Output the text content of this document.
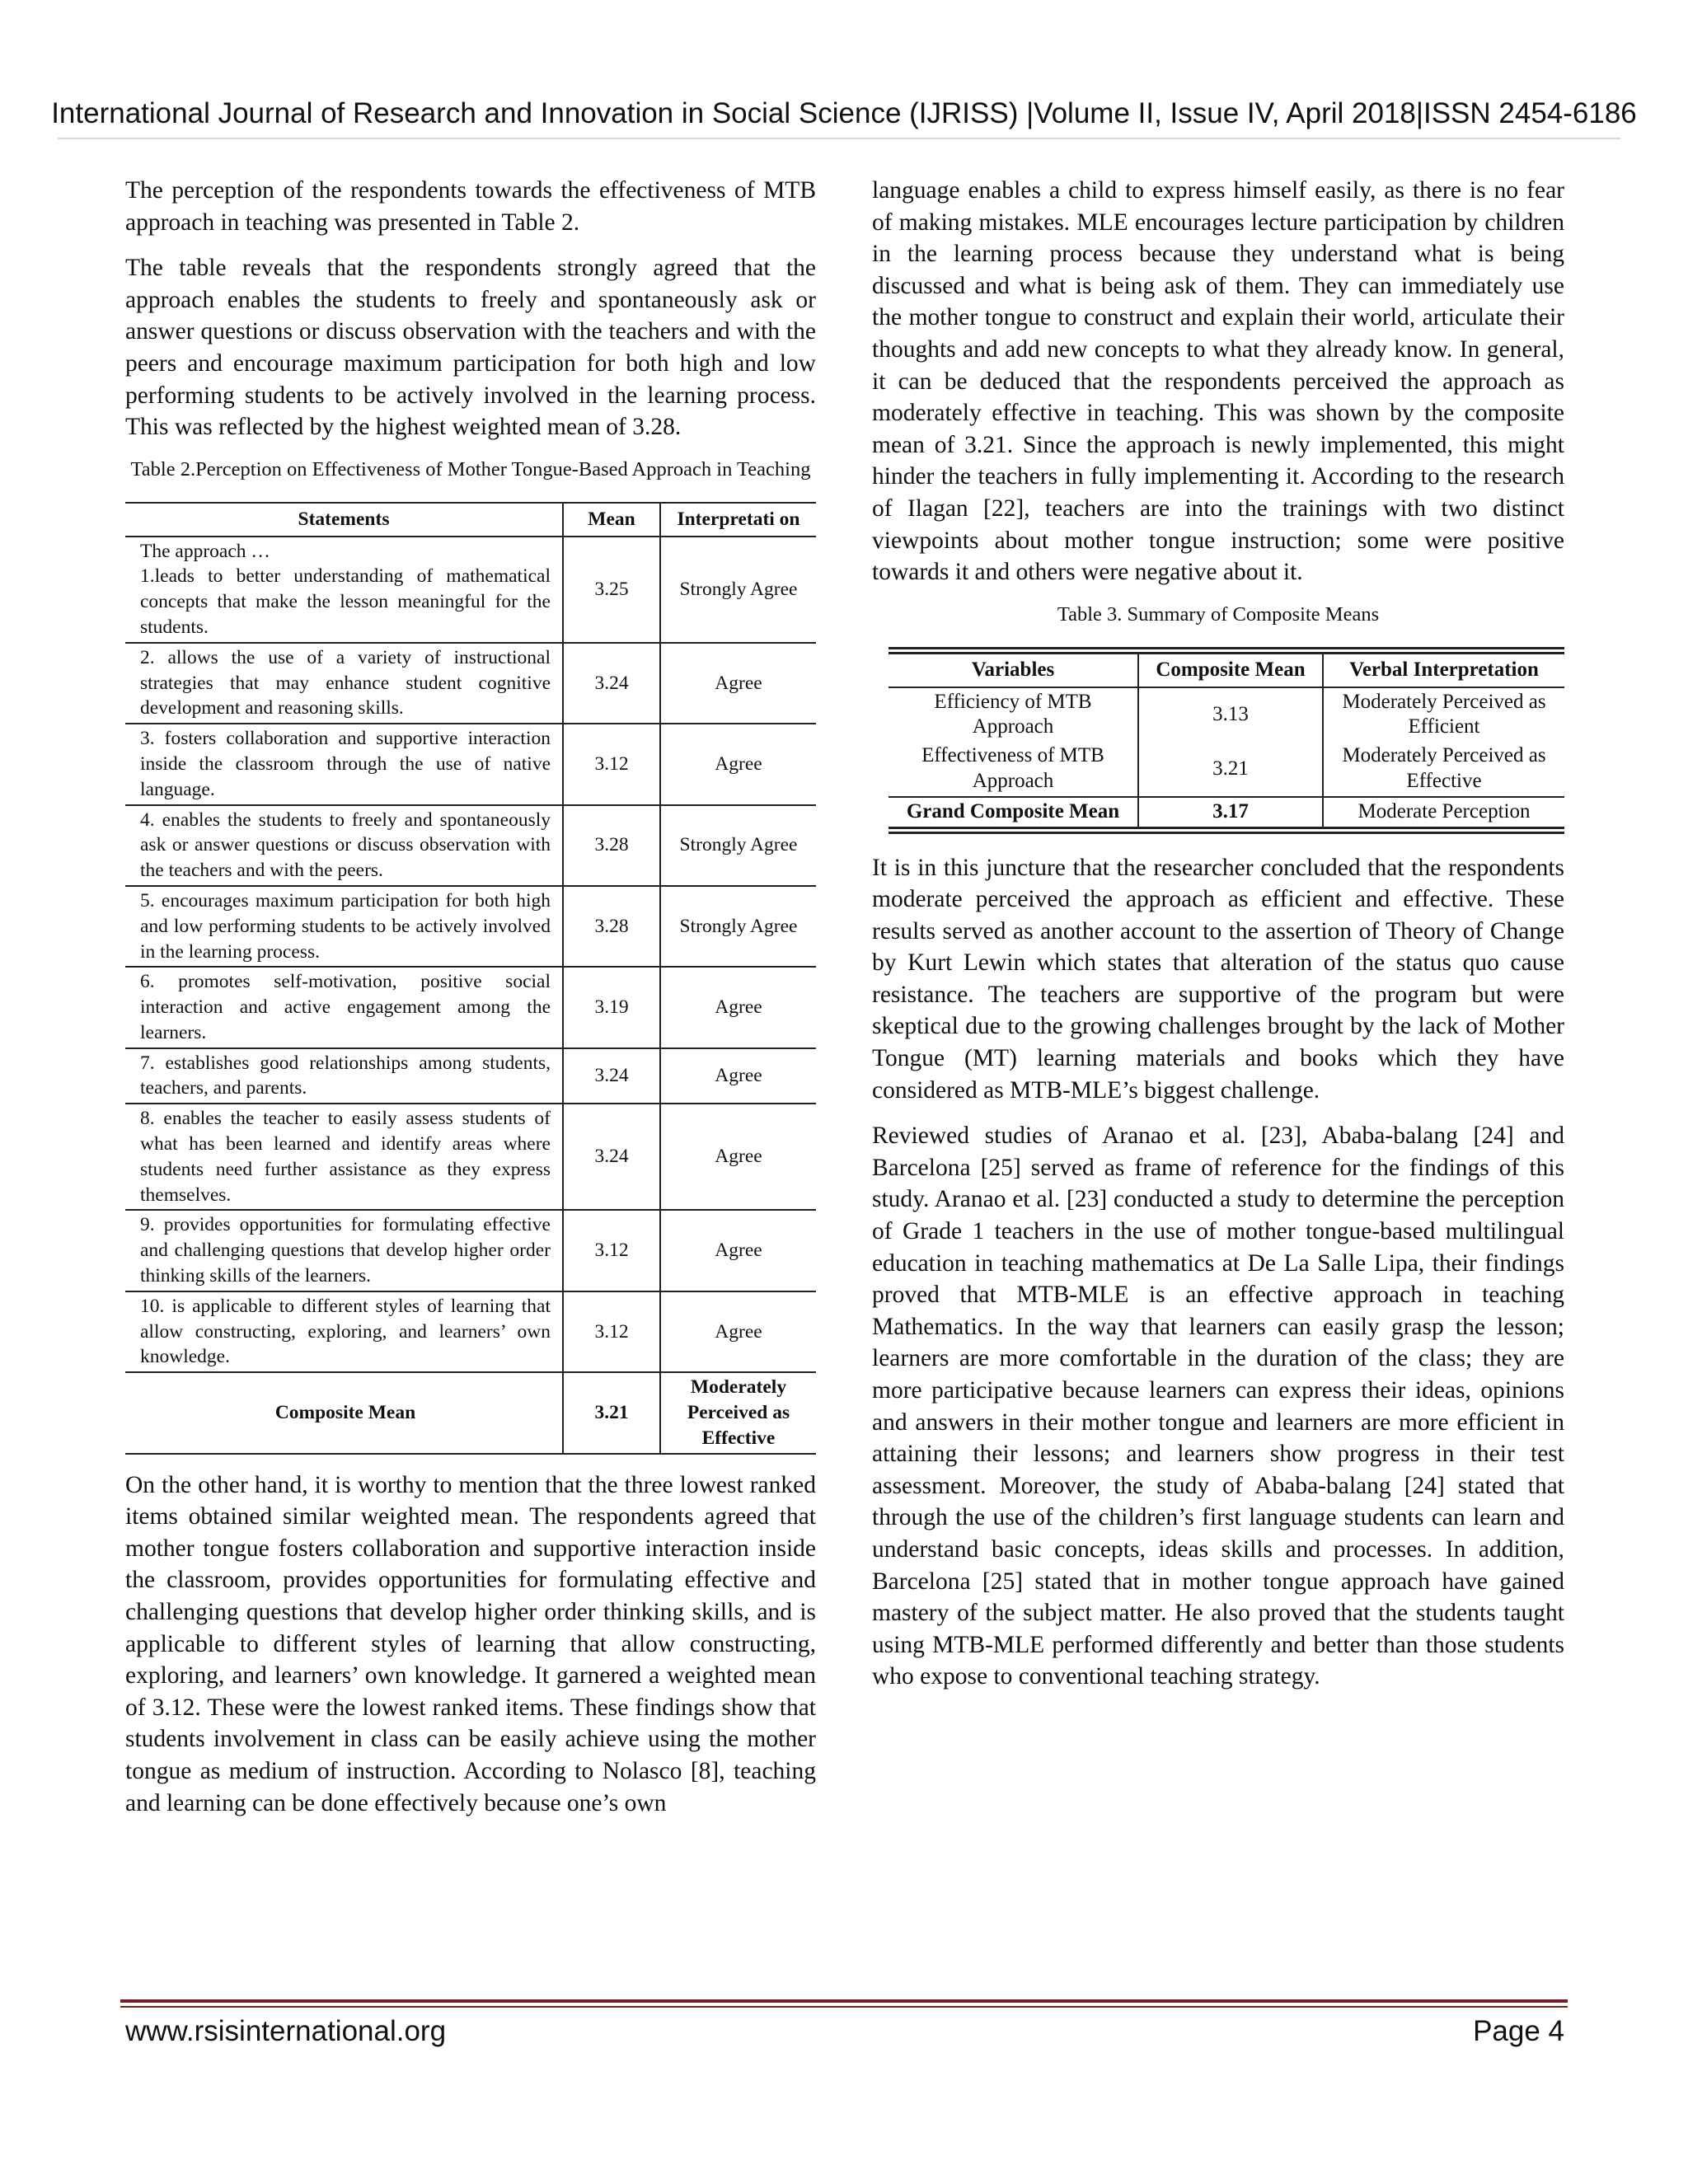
International Journal of Research and Innovation in Social Science (IJRISS) |Volume II, Issue IV, April 2018|ISSN 2454-6186

The perception of the respondents towards the effectiveness of MTB approach in teaching was presented in Table 2.

The table reveals that the respondents strongly agreed that the approach enables the students to freely and spontaneously ask or answer questions or discuss observation with the teachers and with the peers and encourage maximum participation for both high and low performing students to be actively involved in the learning process. This was reflected by the highest weighted mean of 3.28.

Table 2.Perception on Effectiveness of Mother Tongue-Based Approach in Teaching
Statements	Mean	Interpretati on

The approach …
1.leads to better understanding of mathematical concepts that make the lesson meaningful for the students.	3.25	Strongly Agree
2. allows the use of a variety of instructional strategies that may enhance student cognitive development and reasoning skills.	3.24	Agree
3. fosters collaboration and supportive interaction inside the classroom through the use of native language.	3.12	Agree
4. enables the students to freely and spontaneously ask or answer questions or discuss observation with the teachers and with the peers.	3.28	Strongly Agree
5. encourages maximum participation for both high and low performing students to be actively involved in the learning process.	3.28	Strongly Agree
6. promotes self-motivation, positive social interaction and active engagement among the learners.	3.19	Agree
7. establishes good relationships among students, teachers, and parents.	3.24	Agree
8. enables the teacher to easily assess students of what has been learned and identify areas where students need further assistance as they express themselves.	3.24	Agree
9. provides opportunities for formulating effective and challenging questions that develop higher order thinking skills of the learners.	3.12	Agree
10. is applicable to different styles of learning that allow constructing, exploring, and learners’ own knowledge.	3.12	Agree
Composite Mean	3.21	Moderately Perceived as Effective

On the other hand, it is worthy to mention that the three lowest ranked items obtained similar weighted mean. The respondents agreed that mother tongue fosters collaboration and supportive interaction inside the classroom, provides opportunities for formulating effective and challenging questions that develop higher order thinking skills, and is applicable to different styles of learning that allow constructing, exploring, and learners’ own knowledge. It garnered a weighted mean of 3.12. These were the lowest ranked items. These findings show that students involvement in class can be easily achieve using the mother tongue as medium of instruction. According to Nolasco [8], teaching and learning can be done effectively because one’s own

language enables a child to express himself easily, as there is no fear of making mistakes. MLE encourages lecture participation by children in the learning process because they understand what is being discussed and what is being ask of them. They can immediately use the mother tongue to construct and explain their world, articulate their thoughts and add new concepts to what they already know. In general, it can be deduced that the respondents perceived the approach as moderately effective in teaching. This was shown by the composite mean of 3.21. Since the approach is newly implemented, this might hinder the teachers in fully implementing it. According to the research of Ilagan [22], teachers are into the trainings with two distinct viewpoints about mother tongue instruction; some were positive towards it and others were negative about it.

Table 3. Summary of Composite Means
Variables	Composite Mean	Verbal Interpretation
Efficiency of MTB Approach	3.13	Moderately Perceived as Efficient
Effectiveness of MTB Approach	3.21	Moderately Perceived as Effective
Grand Composite Mean	3.17	Moderate Perception

It is in this juncture that the researcher concluded that the respondents moderate perceived the approach as efficient and effective. These results served as another account to the assertion of Theory of Change by Kurt Lewin which states that alteration of the status quo cause resistance. The teachers are supportive of the program but were skeptical due to the growing challenges brought by the lack of Mother Tongue (MT) learning materials and books which they have considered as MTB-MLE’s biggest challenge.

Reviewed studies of Aranao et al. [23], Ababa-balang [24] and Barcelona [25] served as frame of reference for the findings of this study. Aranao et al. [23] conducted a study to determine the perception of Grade 1 teachers in the use of mother tongue-based multilingual education in teaching mathematics at De La Salle Lipa, their findings proved that MTB-MLE is an effective approach in teaching Mathematics. In the way that learners can easily grasp the lesson; learners are more comfortable in the duration of the class; they are more participative because learners can express their ideas, opinions and answers in their mother tongue and learners are more efficient in attaining their lessons; and learners show progress in their test assessment. Moreover, the study of Ababa-balang [24] stated that through the use of the children’s first language students can learn and understand basic concepts, ideas skills and processes. In addition, Barcelona [25] stated that in mother tongue approach have gained mastery of the subject matter. He also proved that the students taught using MTB-MLE performed differently and better than those students who expose to conventional teaching strategy.

www.rsisinternational.org	Page 4
